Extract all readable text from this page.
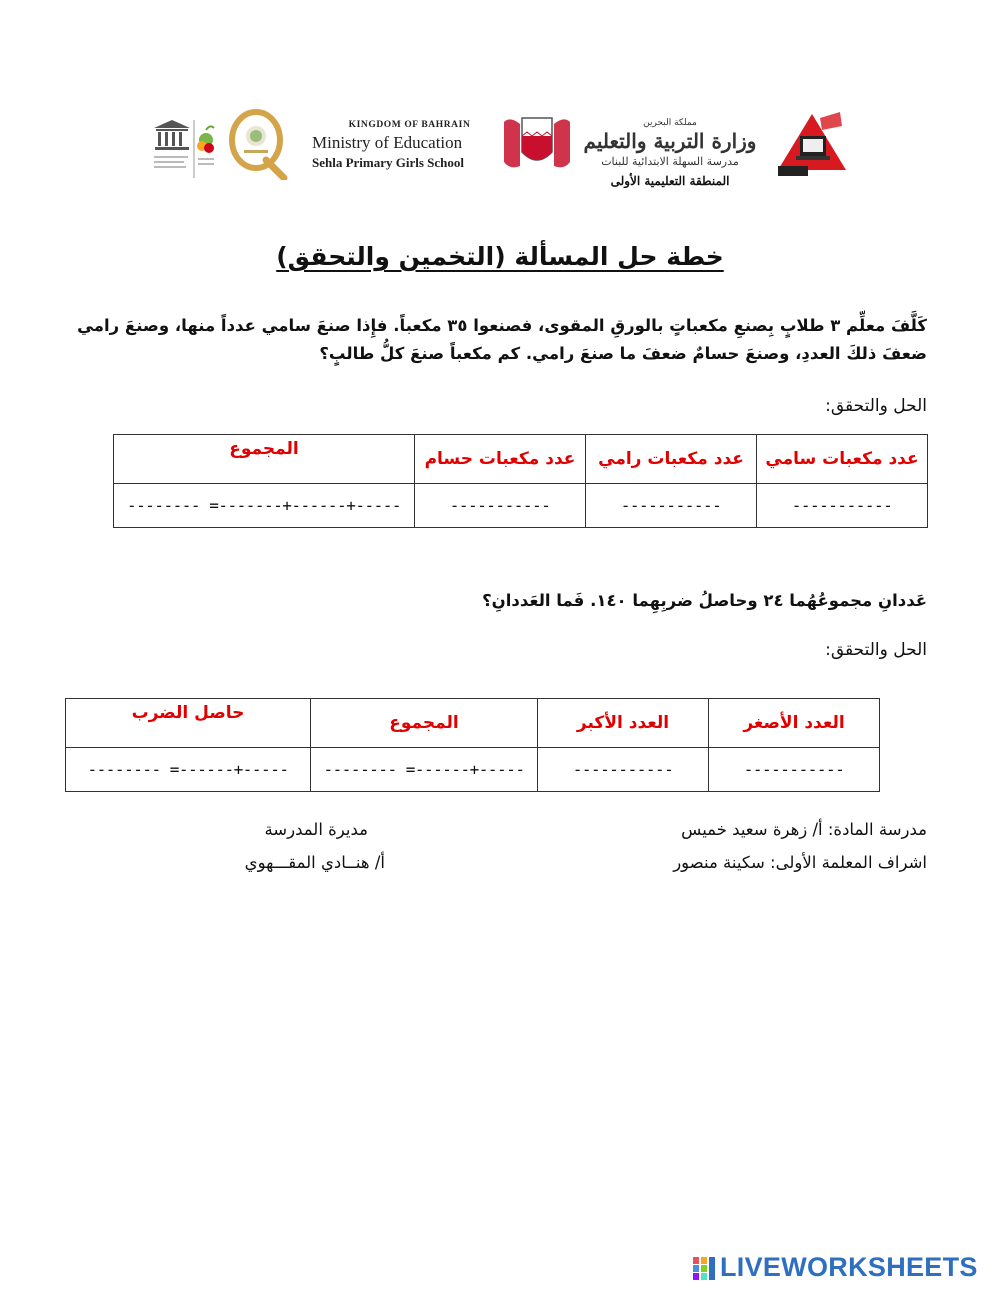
KINGDOM OF BAHRAIN
Ministry of Education
Sehla Primary Girls School
مملكة البحرين
وزارة التربية والتعليم
مدرسة السهلة الابتدائية للبنات
المنطقة التعليمية الأولى
خطة حل المسألة (التخمين والتحقق)
كَلَّفَ معلِّم ٣ طلابٍ بِصنعِ مكعباتٍ بالورقِ المقوى، فصنعوا ٣٥ مكعباً. فإِذا صنعَ سامي عدداً منها، وصنعَ رامي ضعفَ ذلكَ العددِ، وصنعَ حسامٌ ضعفَ ما صنعَ رامي. كم مكعباً صنعَ كلُّ طالبٍ؟
الحل والتحقق:
عدد مكعبات سامي	عدد مكعبات رامي	عدد مكعبات حسام	المجموع
-----------	-----------	-----------	-------- =-------+------+-----
عَددانِ مجموعُهُما ٢٤ وحاصلُ ضربِهِما ١٤٠. فَما العَددانِ؟
الحل والتحقق:
العدد الأصغر	العدد الأكبر	المجموع	حاصل الضرب
-----------	-----------	-------- =------+-----	-------- =------+-----
مدرسة المادة: أ/ زهرة سعيد خميس
اشراف المعلمة الأولى: سكينة منصور
مديرة المدرسة
أ/ هنــادي المقـــهوي
LIVEWORKSHEETS
